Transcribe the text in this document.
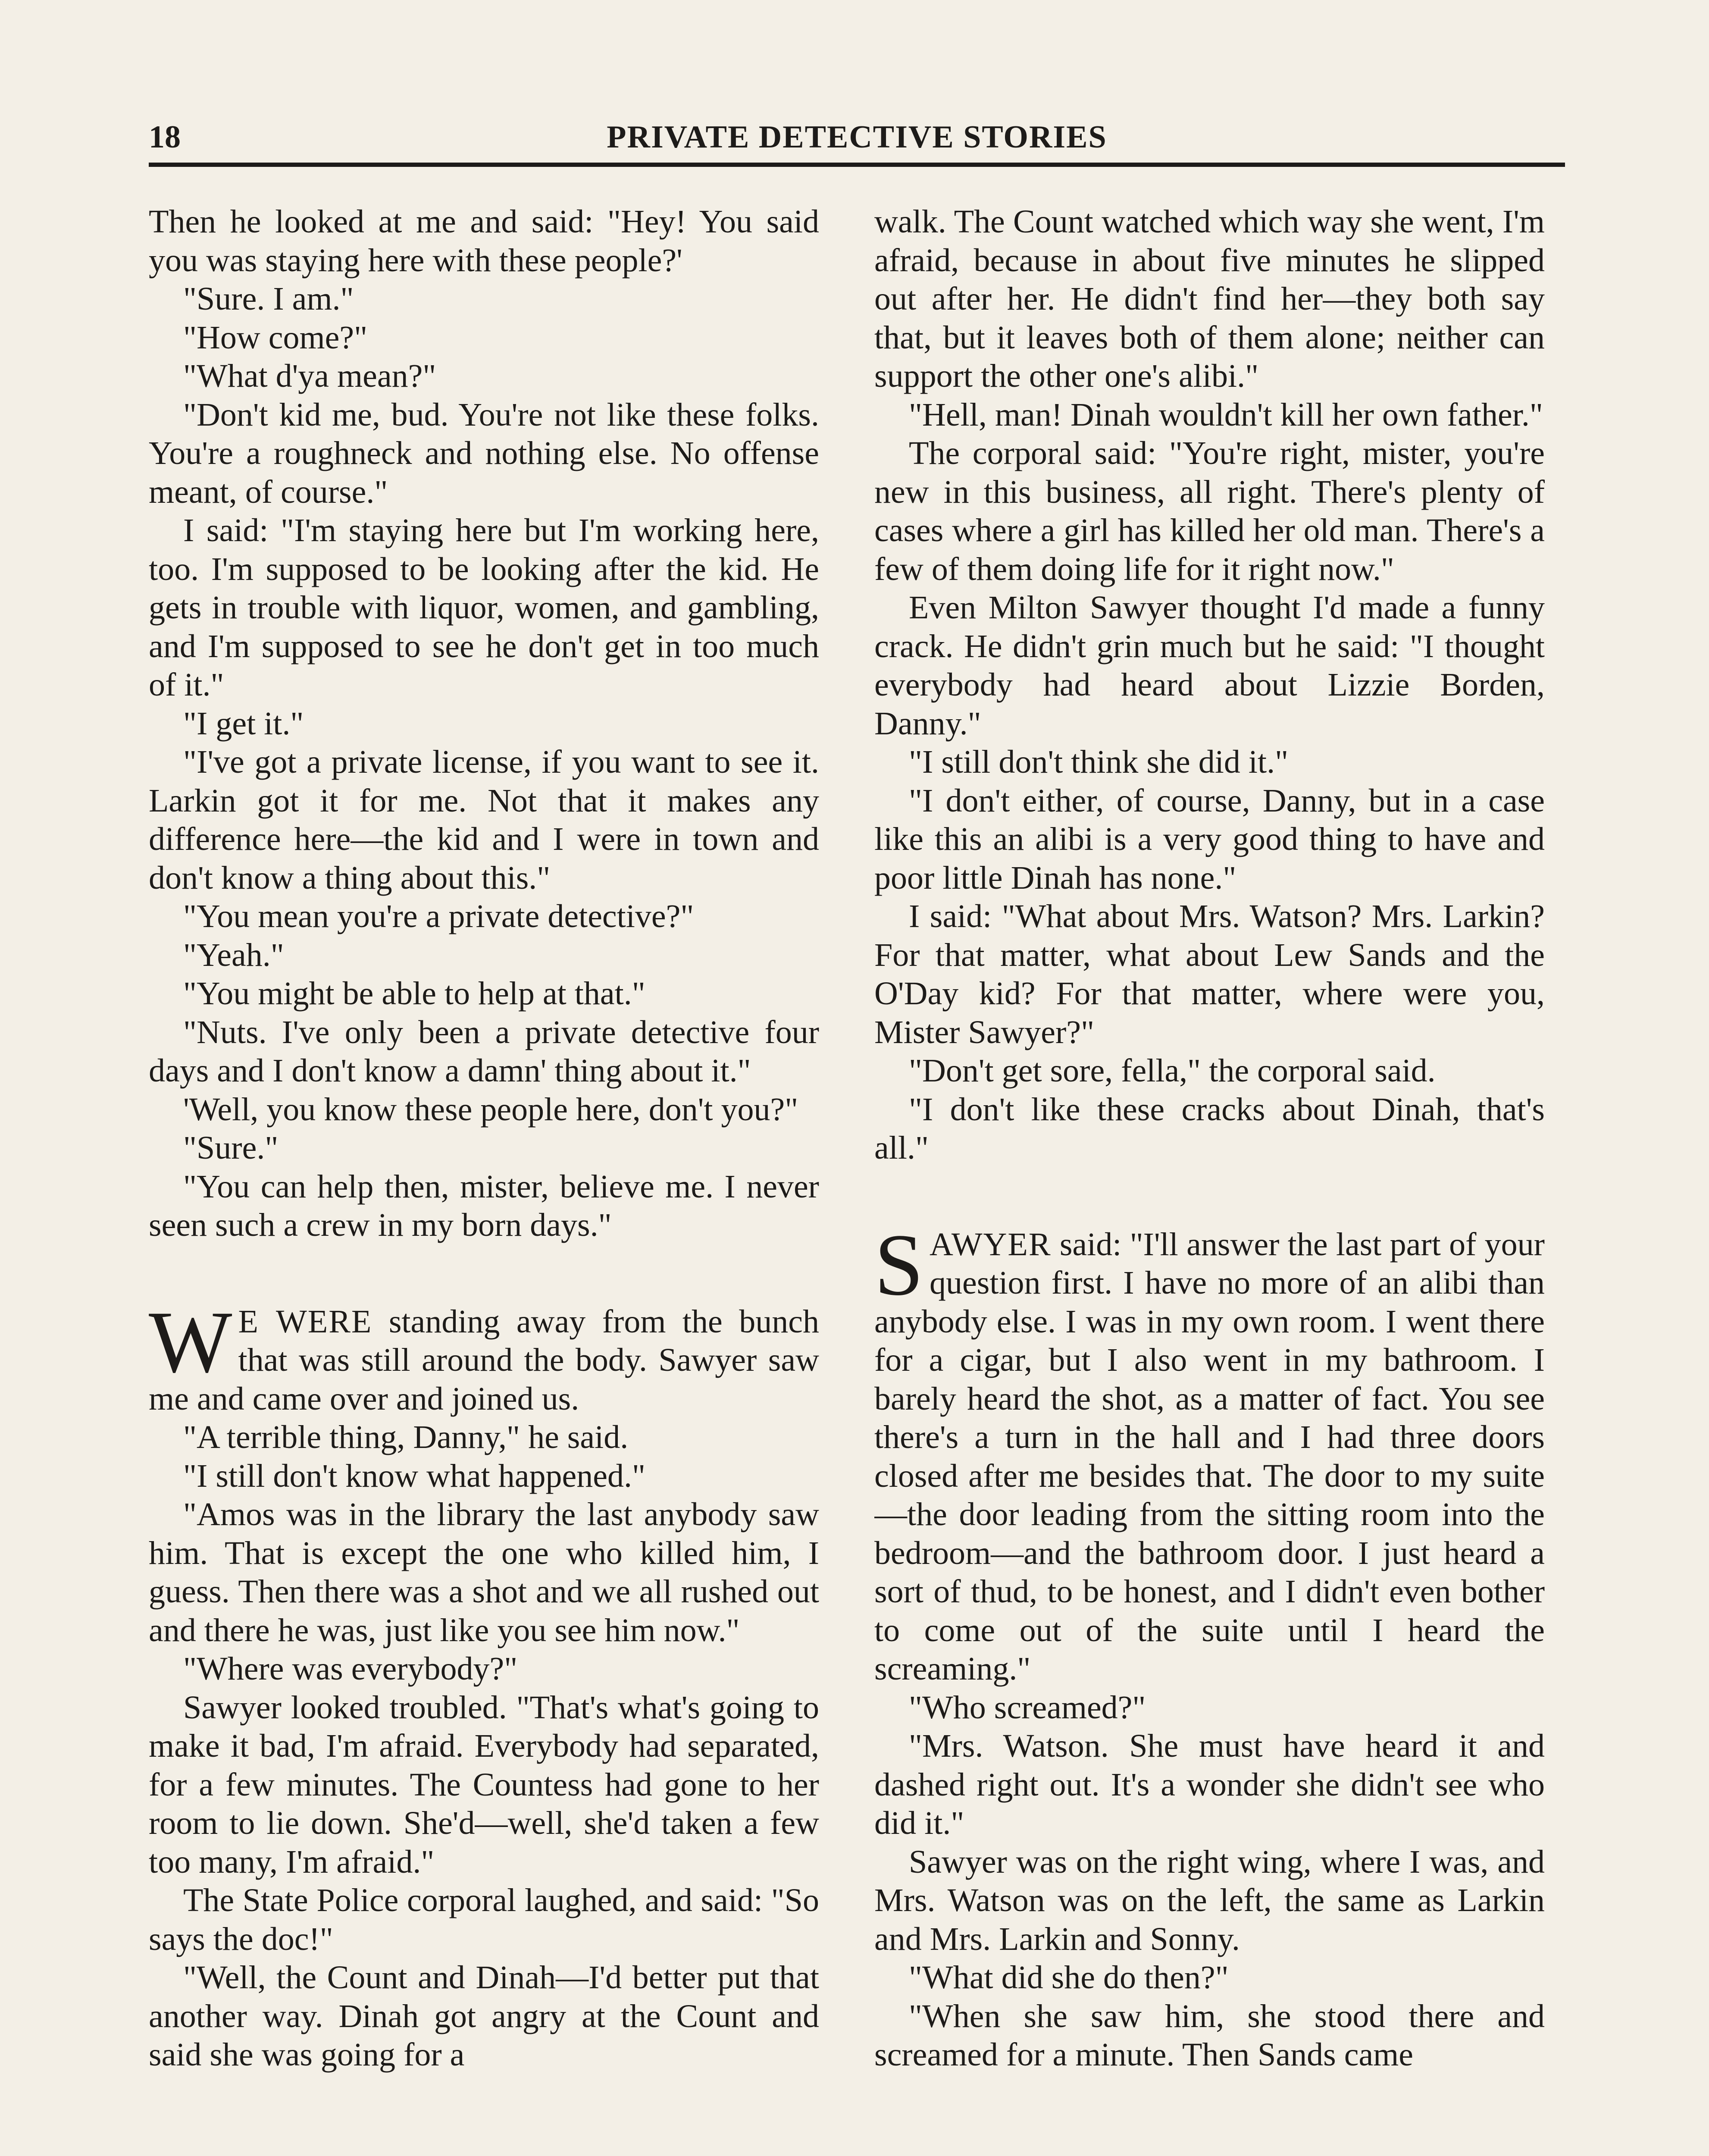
18	PRIVATE DETECTIVE STORIES

Then he looked at me and said: "Hey! You said you was staying here with these people?'

"Sure. I am."

"How come?"

"What d'ya mean?"

"Don't kid me, bud. You're not like these folks. You're a roughneck and nothing else. No offense meant, of course."

I said: "I'm staying here but I'm working here, too. I'm supposed to be looking after the kid. He gets in trouble with liquor, women, and gambling, and I'm supposed to see he don't get in too much of it."

"I get it."

"I've got a private license, if you want to see it. Larkin got it for me. Not that it makes any difference here—the kid and I were in town and don't know a thing about this."

"You mean you're a private detective?"

"Yeah."

"You might be able to help at that."

"Nuts. I've only been a private detective four days and I don't know a damn' thing about it."

'Well, you know these people here, don't you?"

"Sure."

"You can help then, mister, believe me. I never seen such a crew in my born days."

W E WERE standing away from the bunch that was still around the body. Sawyer saw me and came over and joined us.

"A terrible thing, Danny," he said.

"I still don't know what happened."

"Amos was in the library the last anybody saw him. That is except the one who killed him, I guess. Then there was a shot and we all rushed out and there he was, just like you see him now."

"Where was everybody?"

Sawyer looked troubled. "That's what's going to make it bad, I'm afraid. Everybody had separated, for a few minutes. The Countess had gone to her room to lie down. She'd—well, she'd taken a few too many, I'm afraid."

The State Police corporal laughed, and said: "So says the doc!"

"Well, the Count and Dinah—I'd better put that another way. Dinah got angry at the Count and said she was going for a

walk. The Count watched which way she went, I'm afraid, because in about five minutes he slipped out after her. He didn't find her—they both say that, but it leaves both of them alone; neither can support the other one's alibi."

"Hell, man! Dinah wouldn't kill her own father."

The corporal said: "You're right, mister, you're new in this business, all right. There's plenty of cases where a girl has killed her old man. There's a few of them doing life for it right now."

Even Milton Sawyer thought I'd made a funny crack. He didn't grin much but he said: "I thought everybody had heard about Lizzie Borden, Danny."

"I still don't think she did it."

"I don't either, of course, Danny, but in a case like this an alibi is a very good thing to have and poor little Dinah has none."

I said: "What about Mrs. Watson? Mrs. Larkin? For that matter, what about Lew Sands and the O'Day kid? For that matter, where were you, Mister Sawyer?"

"Don't get sore, fella," the corporal said.

"I don't like these cracks about Dinah, that's all."

SAWYER said: "I'll answer the last part of your question first. I have no more of an alibi than anybody else. I was in my own room. I went there for a cigar, but I also went in my bathroom. I barely heard the shot, as a matter of fact. You see there's a turn in the hall and I had three doors closed after me besides that. The door to my suite—the door leading from the sitting room into the bedroom—and the bathroom door. I just heard a sort of thud, to be honest, and I didn't even bother to come out of the suite until I heard the screaming."

"Who screamed?"

"Mrs. Watson. She must have heard it and dashed right out. It's a wonder she didn't see who did it."

Sawyer was on the right wing, where I was, and Mrs. Watson was on the left, the same as Larkin and Mrs. Larkin and Sonny.

"What did she do then?"

"When she saw him, she stood there and screamed for a minute. Then Sands came
